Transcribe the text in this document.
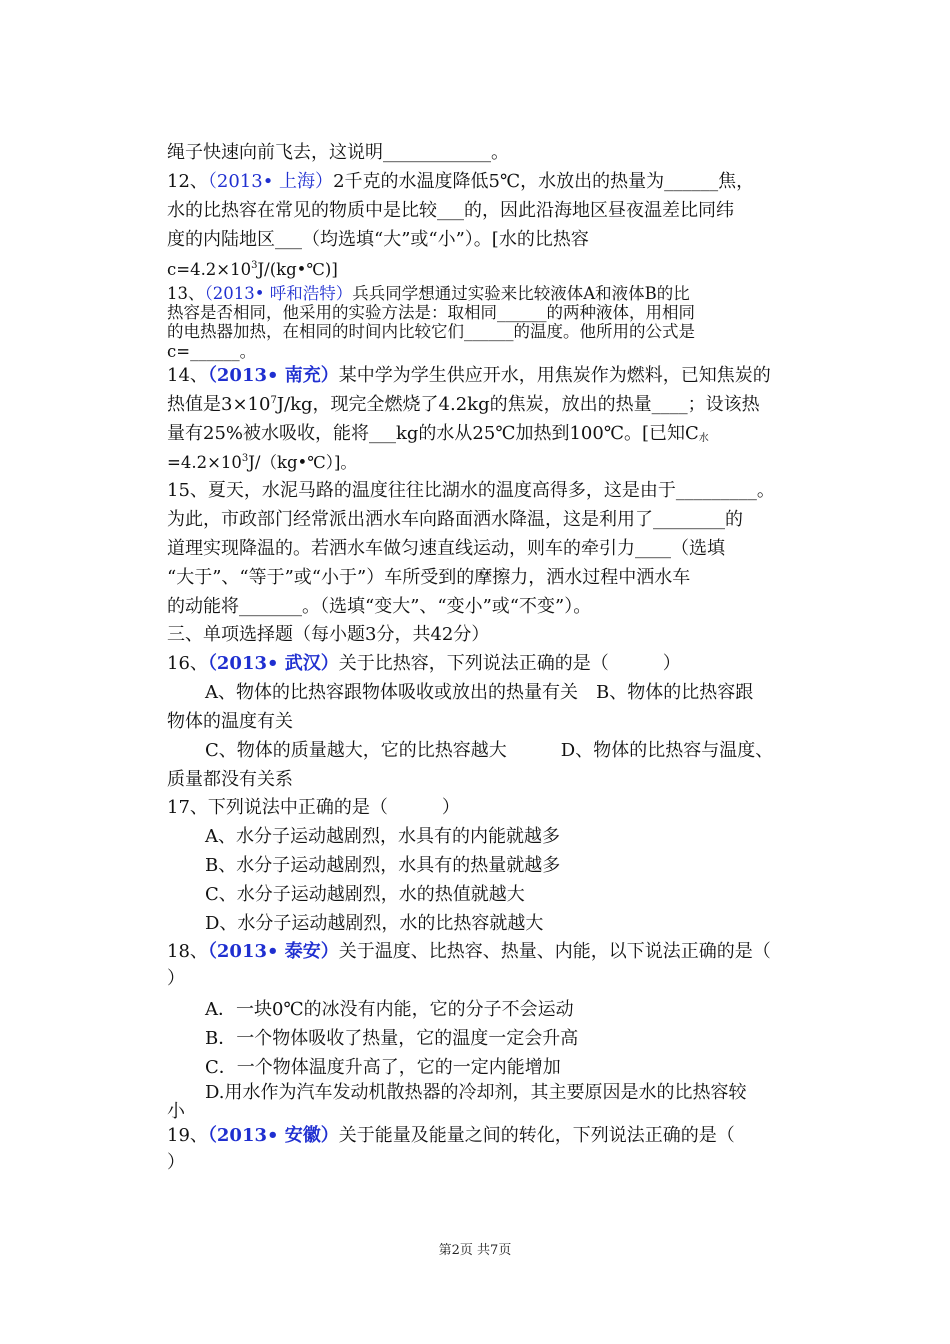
绳子快速向前飞去，这说明____________。
12、（2013• 上海）2千克的水温度降低5℃，水放出的热量为______焦，
水的比热容在常见的物质中是比较___的，因此沿海地区昼夜温差比同纬
度的内陆地区___（均选填“大”或“小”）。[水的比热容
$c=4.2\times 10^3J/(kg•℃)$]
13、（2013• 呼和浩特）兵兵同学想通过实验来比较液体A和液体B的比
热容是否相同，他采用的实验方法是：取相同______的两种液体，用相同
的电热器加热，在相同的时间内比较它们______的温度。他所用的公式是
c=______。
14、（2013• 南充）某中学为学生供应开水，用焦炭作为燃料，已知焦炭的
热值是$3\times 10^7J/kg$，现完全燃烧了4.2kg的焦炭，放出的热量____；设该热
量有25%被水吸收，能将___kg的水从25℃加热到100℃。[已知$C_水$
$=4.2\times 10^3J/(kg•℃)$]。
15、夏天，水泥马路的温度往往比湖水的温度高得多，这是由于_________。
为此，市政部门经常派出洒水车向路面洒水降温，这是利用了________的
道理实现降温的。若洒水车做匀速直线运动，则车的牵引力____（选填
“大于”、“等于”或“小于”）车所受到的摩擦力，洒水过程中洒水车
的动能将_______。（选填“变大”、“变小”或“不变”）。
三、单项选择题（每小题3分，共42分）
16、（2013• 武汉）关于比热容，下列说法正确的是（　　　）
A、物体的比热容跟物体吸收或放出的热量有关　B、物体的比热容跟
物体的温度有关
C、物体的质量越大，它的比热容越大　　　D、物体的比热容与温度、
质量都没有关系
17、下列说法中正确的是（　　　）
A、水分子运动越剧烈，水具有的内能就越多
B、水分子运动越剧烈，水具有的热量就越多
C、水分子运动越剧烈，水的热值就越大
D、水分子运动越剧烈，水的比热容就越大
18、（2013• 泰安）关于温度、比热容、热量、内能，以下说法正确的是（
）
A．一块0℃的冰没有内能，它的分子不会运动
B．一个物体吸收了热量，它的温度一定会升高
C．一个物体温度升高了，它的一定内能增加
D.用水作为汽车发动机散热器的冷却剂，其主要原因是水的比热容较
小
19、（2013• 安徽）关于能量及能量之间的转化，下列说法正确的是（
）
第2页 共7页
